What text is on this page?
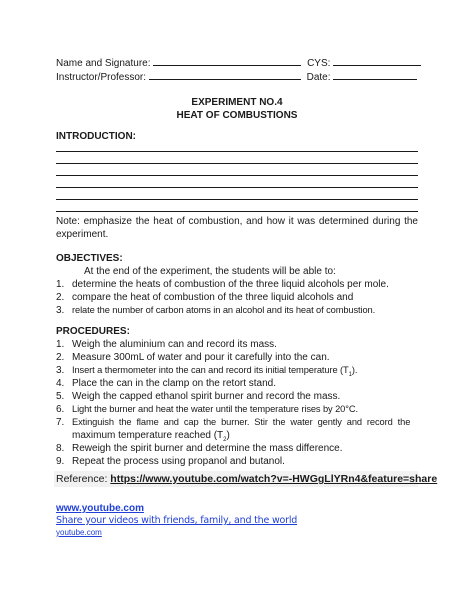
Name and Signature:	CYS:
Instructor/Professor:	Date:
EXPERIMENT NO.4
HEAT OF COMBUSTIONS
INTRODUCTION:
Note: emphasize the heat of combustion, and how it was determined during the
experiment.
OBJECTIVES:
At the end of the experiment, the students will be able to:
1. determine the heats of combustion of the three liquid alcohols per mole.
2. compare the heat of combustion of the three liquid alcohols and
3. relate the number of carbon atoms in an alcohol and its heat of combustion.
PROCEDURES:
1. Weigh the aluminium can and record its mass.
2. Measure 300mL of water and pour it carefully into the can.
3. Insert a thermometer into the can and record its initial temperature $(T_1)$.
4. Place the can in the clamp on the retort stand.
5. Weigh the capped ethanol spirit burner and record the mass.
6. Light the burner and heat the water until the temperature rises by 20°C.
7. Extinguish  the  flame  and  cap  the  burner.  Stir  the  water  gently  and  record  the
maximum temperature reached $(T_2)$
8. Reweigh the spirit burner and determine the mass difference.
9. Repeat the process using propanol and butanol.
Reference: https://www.youtube.com/watch?v=-HWGgLlYRn4&feature=share
www.youtube.com
Share your videos with friends, family, and the world
youtube.com
